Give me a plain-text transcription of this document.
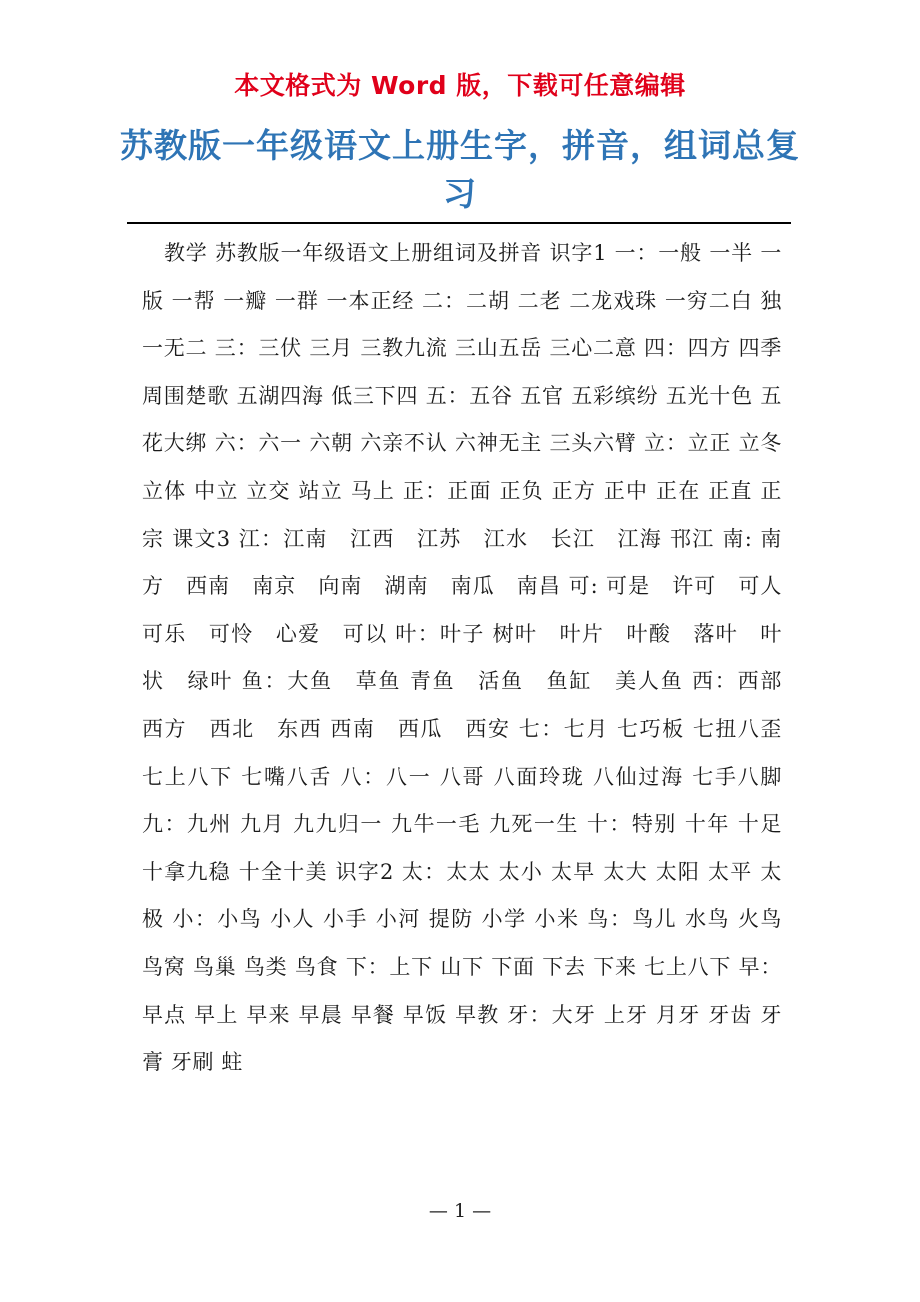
本文格式为 Word 版，下载可任意编辑
苏教版一年级语文上册生字，拼音，组词总复习

教学 苏教版一年级语文上册组词及拼音 识字1 一：一般 一半 一版 一帮 一瓣 一群 一本正经 二：二胡 二老 二龙戏珠 一穷二白 独一无二 三：三伏 三月 三教九流 三山五岳 三心二意 四：四方 四季 周围楚歌 五湖四海 低三下四 五：五谷 五官 五彩缤纷 五光十色 五花大绑 六：六一 六朝 六亲不认 六神无主 三头六臂 立：立正 立冬 立体 中立 立交 站立 马上 正：正面 正负 正方 正中 正在 正直 正宗 课文3 江：江南　江西　江苏　江水　长江　江海 邗江 南: 南方　西南　南京　向南　湖南　南瓜　南昌 可: 可是　许可　可人　可乐　可怜　心爱　可以 叶：叶子 树叶　叶片　叶酸　落叶　叶状　绿叶 鱼：大鱼　草鱼 青鱼　活鱼　鱼缸　美人鱼 西：西部　西方　西北　东西 西南　西瓜　西安 七：七月 七巧板 七扭八歪 七上八下 七嘴八舌 八：八一 八哥 八面玲珑 八仙过海 七手八脚 九：九州 九月 九九归一 九牛一毛 九死一生 十：特别 十年 十足 十拿九稳 十全十美 识字2 太：太太 太小 太早 太大 太阳 太平 太极 小：小鸟 小人 小手 小河 提防 小学 小米 鸟：鸟儿 水鸟 火鸟 鸟窝 鸟巢 鸟类 鸟食 下：上下 山下 下面 下去 下来 七上八下 早：早点 早上 早来 早晨 早餐 早饭 早教 牙：大牙 上牙 月牙 牙齿 牙膏 牙刷 蛀

— 1 —
